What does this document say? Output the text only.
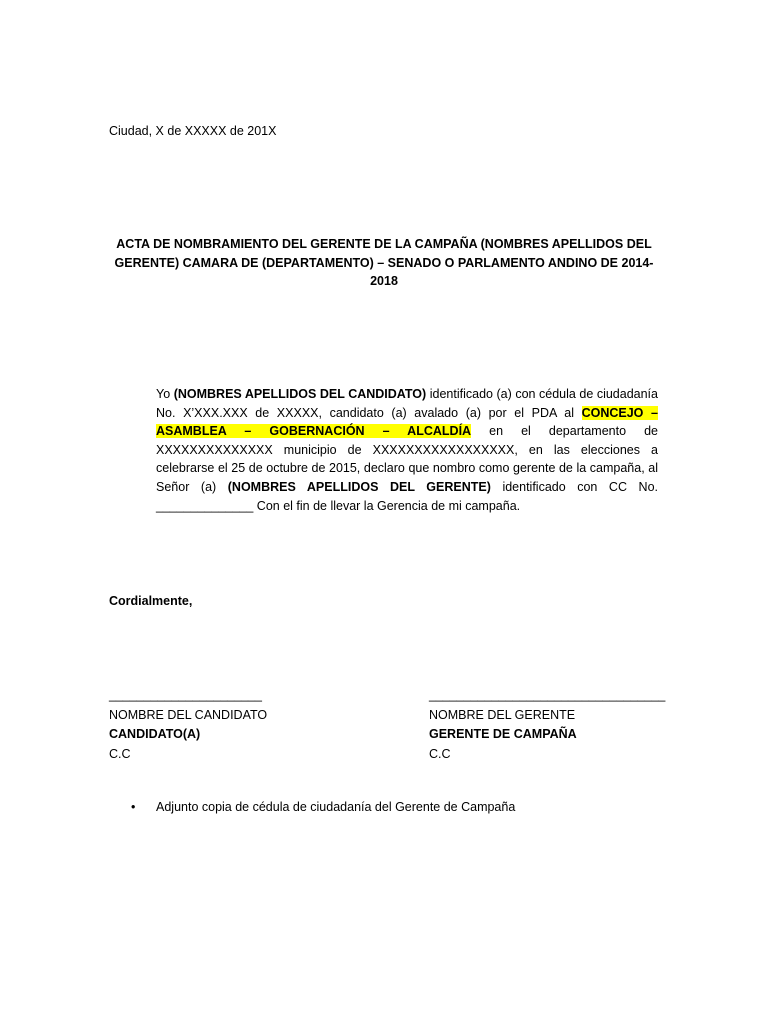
Ciudad, X de XXXXX de 201X
ACTA DE NOMBRAMIENTO DEL GERENTE DE LA CAMPAÑA (NOMBRES APELLIDOS DEL GERENTE) CAMARA DE (DEPARTAMENTO) – SENADO O PARLAMENTO ANDINO DE 2014-2018
Yo (NOMBRES APELLIDOS DEL CANDIDATO) identificado (a) con cédula de ciudadanía No. X’XXX.XXX de XXXXX, candidato (a) avalado (a) por el PDA al CONCEJO – ASAMBLEA – GOBERNACIÓN – ALCALDÍA en el departamento de XXXXXXXXXXXXXX municipio de XXXXXXXXXXXXXXXXX, en las elecciones a celebrarse el 25 de octubre de 2015, declaro que nombro como gerente de la campaña, al Señor (a) (NOMBRES APELLIDOS DEL GERENTE) identificado con CC No. ______________ Con el fin de llevar la Gerencia de mi campaña.
Cordialmente,
______________________
NOMBRE DEL CANDIDATO
CANDIDATO(A)
C.C
__________________________________
NOMBRE DEL GERENTE
GERENTE DE CAMPAÑA
C.C
• Adjunto copia de cédula de ciudadanía del Gerente de Campaña
